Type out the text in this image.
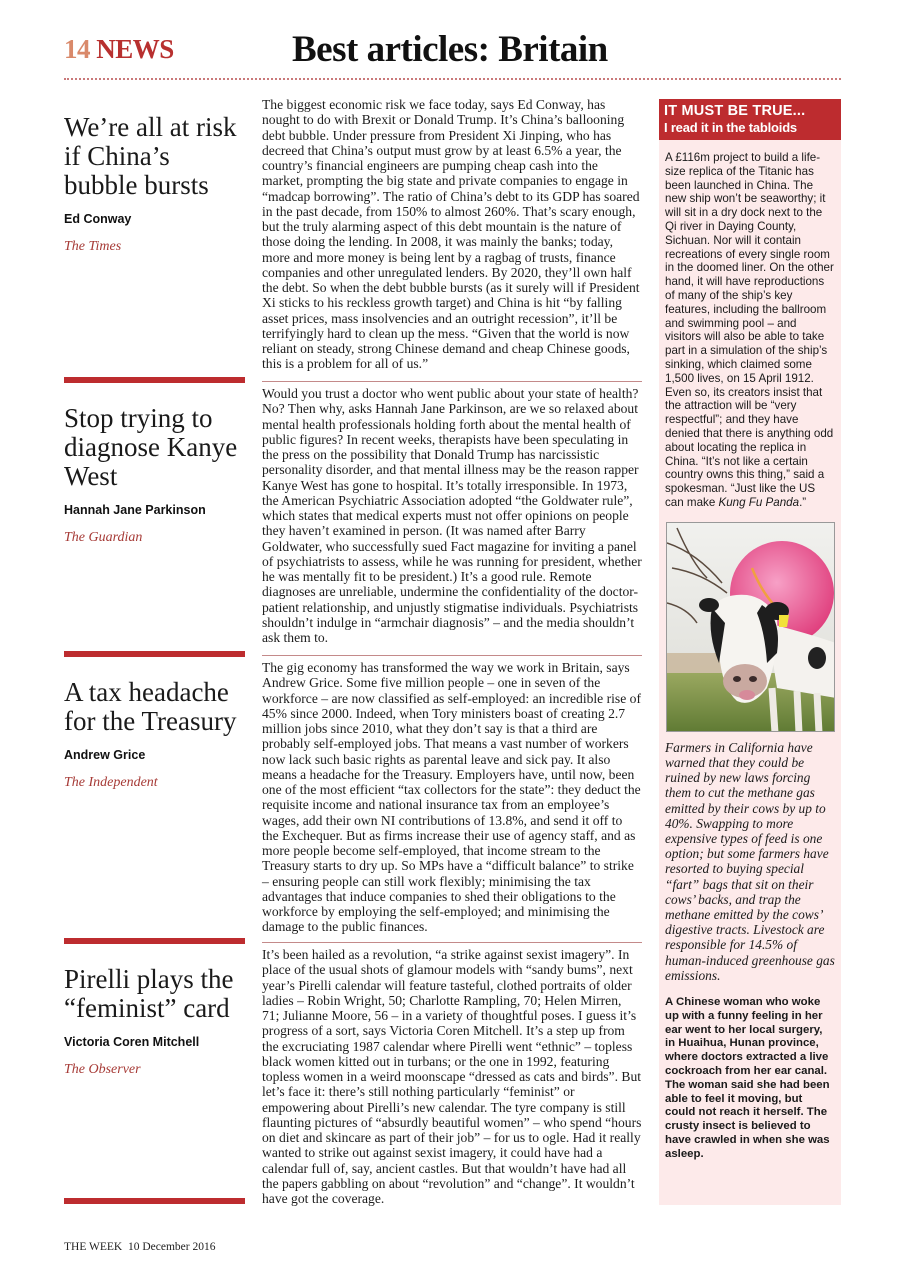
14 NEWS	Best articles: Britain
We’re all at risk if China’s bubble bursts
Ed Conway
The Times

The biggest economic risk we face today, says Ed Conway, has nought to do with Brexit or Donald Trump. It’s China’s ballooning debt bubble. Under pressure from President Xi Jinping, who has decreed that China’s output must grow by at least 6.5% a year, the country’s financial engineers are pumping cheap cash into the market, prompting the big state and private companies to engage in “madcap borrowing”. The ratio of China’s debt to its GDP has soared in the past decade, from 150% to almost 260%. That’s scary enough, but the truly alarming aspect of this debt mountain is the nature of those doing the lending. In 2008, it was mainly the banks; today, more and more money is being lent by a ragbag of trusts, finance companies and other unregulated lenders. By 2020, they’ll own half the debt. So when the debt bubble bursts (as it surely will if President Xi sticks to his reckless growth target) and China is hit “by falling asset prices, mass insolvencies and an outright recession”, it’ll be terrifyingly hard to clean up the mess. “Given that the world is now reliant on steady, strong Chinese demand and cheap Chinese goods, this is a problem for all of us.”

Stop trying to diagnose Kanye West
Hannah Jane Parkinson
The Guardian

Would you trust a doctor who went public about your state of health? No? Then why, asks Hannah Jane Parkinson, are we so relaxed about mental health professionals holding forth about the mental health of public figures? In recent weeks, therapists have been speculating in the press on the possibility that Donald Trump has narcissistic personality disorder, and that mental illness may be the reason rapper Kanye West has gone to hospital. It’s totally irresponsible. In 1973, the American Psychiatric Association adopted “the Goldwater rule”, which states that medical experts must not offer opinions on people they haven’t examined in person. (It was named after Barry Goldwater, who successfully sued Fact magazine for inviting a panel of psychiatrists to assess, while he was running for president, whether he was mentally fit to be president.) It’s a good rule. Remote diagnoses are unreliable, undermine the confidentiality of the doctor-patient relationship, and unjustly stigmatise individuals. Psychiatrists shouldn’t indulge in “armchair diagnosis” – and the media shouldn’t ask them to.

A tax headache for the Treasury
Andrew Grice
The Independent

The gig economy has transformed the way we work in Britain, says Andrew Grice. Some five million people – one in seven of the workforce – are now classified as self-employed: an incredible rise of 45% since 2000. Indeed, when Tory ministers boast of creating 2.7 million jobs since 2010, what they don’t say is that a third are probably self-employed jobs. That means a vast number of workers now lack such basic rights as parental leave and sick pay. It also means a headache for the Treasury. Employers have, until now, been one of the most efficient “tax collectors for the state”: they deduct the requisite income and national insurance tax from an employee’s wages, add their own NI contributions of 13.8%, and send it off to the Exchequer. But as firms increase their use of agency staff, and as more people become self-employed, that income stream to the Treasury starts to dry up. So MPs have a “difficult balance” to strike – ensuring people can still work flexibly; minimising the tax advantages that induce companies to shed their obligations to the workforce by employing the self-employed; and minimising the damage to the public finances.

Pirelli plays the “feminist” card
Victoria Coren Mitchell
The Observer

It’s been hailed as a revolution, “a strike against sexist imagery”. In place of the usual shots of glamour models with “sandy bums”, next year’s Pirelli calendar will feature tasteful, clothed portraits of older ladies – Robin Wright, 50; Charlotte Rampling, 70; Helen Mirren, 71; Julianne Moore, 56 – in a variety of thoughtful poses. I guess it’s progress of a sort, says Victoria Coren Mitchell. It’s a step up from the excruciating 1987 calendar where Pirelli went “ethnic” – topless black women kitted out in turbans; or the one in 1992, featuring topless women in a weird moonscape “dressed as cats and birds”. But let’s face it: there’s still nothing particularly “feminist” or empowering about Pirelli’s new calendar. The tyre company is still flaunting pictures of “absurdly beautiful women” – who spend “hours on diet and skincare as part of their job” – for us to ogle. Had it really wanted to strike out against sexist imagery, it could have had a calendar full of, say, ancient castles. But that wouldn’t have had all the papers gabbling on about “revolution” and “change”. It wouldn’t have got the coverage.

IT MUST BE TRUE...
I read it in the tabloids

A £116m project to build a life-size replica of the Titanic has been launched in China. The new ship won’t be seaworthy; it will sit in a dry dock next to the Qi river in Daying County, Sichuan. Nor will it contain recreations of every single room in the doomed liner. On the other hand, it will have reproductions of many of the ship’s key features, including the ballroom and swimming pool – and visitors will also be able to take part in a simulation of the ship’s sinking, which claimed some 1,500 lives, on 15 April 1912. Even so, its creators insist that the attraction will be “very respectful”; and they have denied that there is anything odd about locating the replica in China. “It’s not like a certain country owns this thing,” said a spokesman. “Just like the US can make Kung Fu Panda.”

Farmers in California have warned that they could be ruined by new laws forcing them to cut the methane gas emitted by their cows by up to 40%. Swapping to more expensive types of feed is one option; but some farmers have resorted to buying special “fart” bags that sit on their cows’ backs, and trap the methane emitted by the cows’ digestive tracts. Livestock are responsible for 14.5% of human-induced greenhouse gas emissions.

A Chinese woman who woke up with a funny feeling in her ear went to her local surgery, in Huaihua, Hunan province, where doctors extracted a live cockroach from her ear canal. The woman said she had been able to feel it moving, but could not reach it herself. The crusty insect is believed to have crawled in when she was asleep.

THE WEEK 10 December 2016
